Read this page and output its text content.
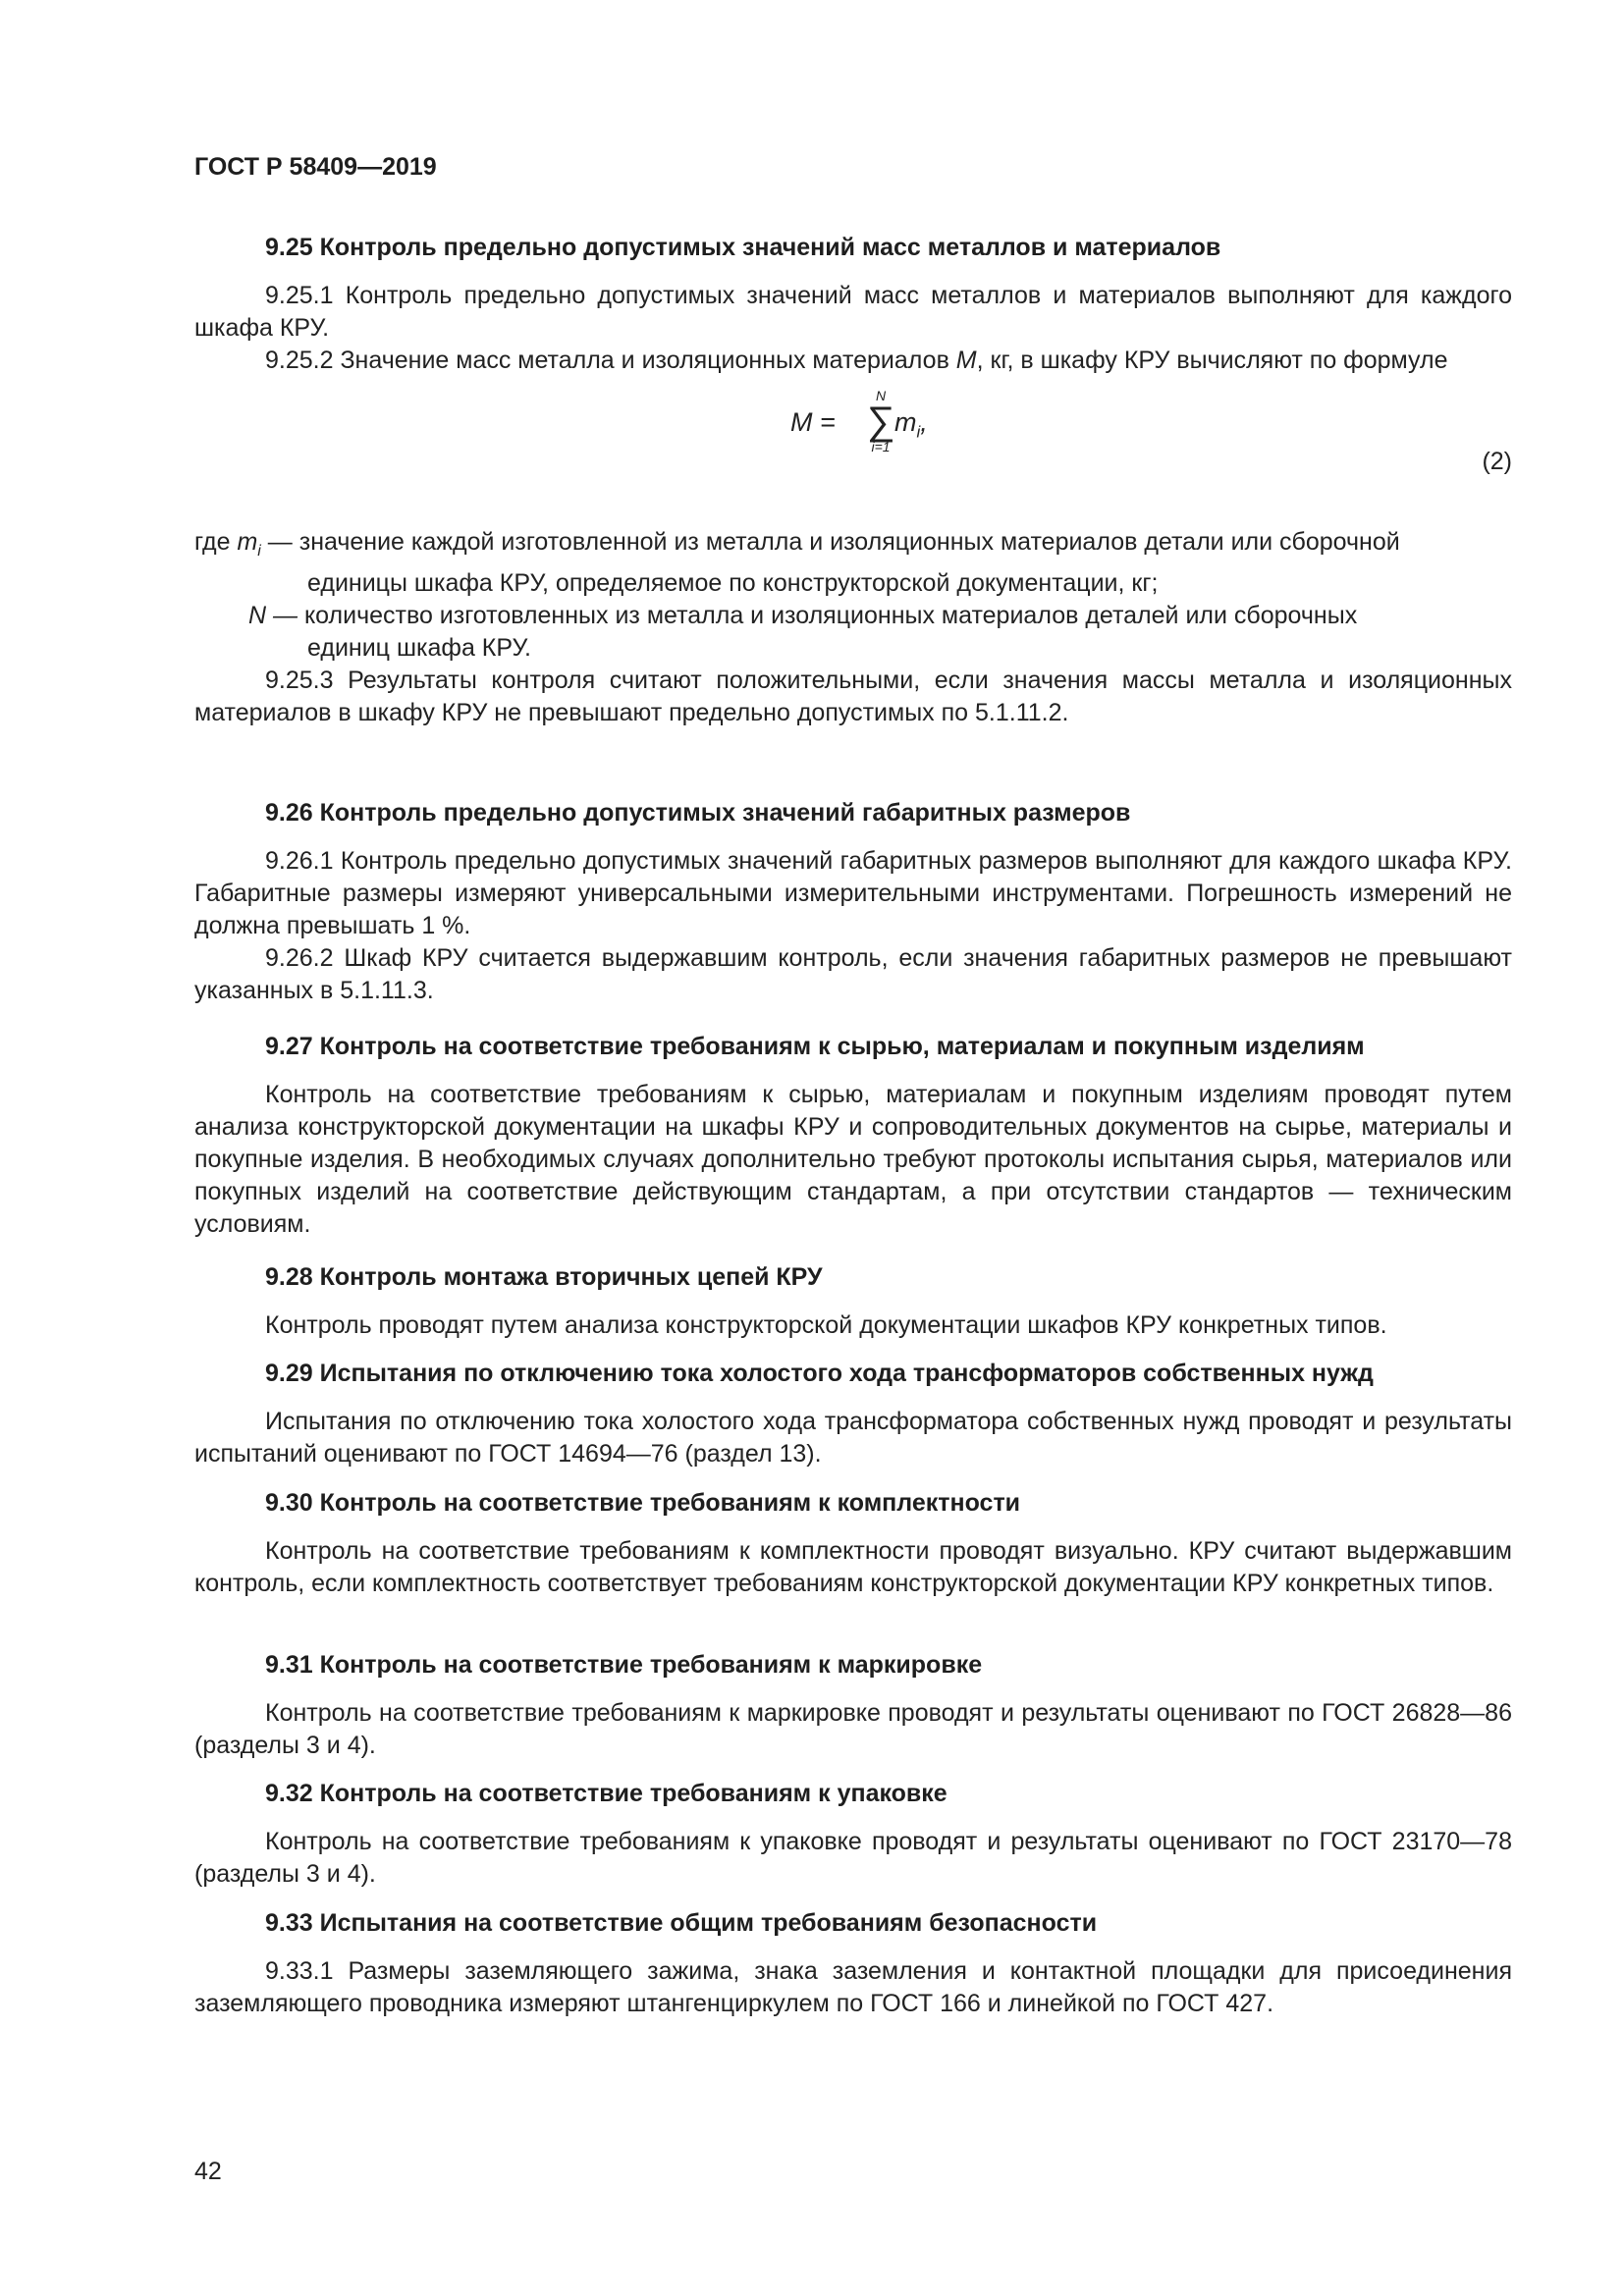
ГОСТ Р 58409—2019
9.25 Контроль предельно допустимых значений масс металлов и материалов

9.25.1 Контроль предельно допустимых значений масс металлов и материалов выполняют для каждого шкафа КРУ.

9.25.2 Значение масс металла и изоляционных материалов M, кг, в шкафу КРУ вычисляют по формуле

M =
N
∑
i=1
$m_i$,
(2)

где $m_i$ — значение каждой изготовленной из металла и изоляционных материалов детали или сборочной
единицы шкафа КРУ, определяемое по конструкторской документации, кг;

N — количество изготовленных из металла и изоляционных материалов деталей или сборочных
единиц шкафа КРУ.

9.25.3 Результаты контроля считают положительными, если значения массы металла и изоляционных материалов в шкафу КРУ не превышают предельно допустимых по 5.1.11.2.

9.26 Контроль предельно допустимых значений габаритных размеров

9.26.1 Контроль предельно допустимых значений габаритных размеров выполняют для каждого шкафа КРУ. Габаритные размеры измеряют универсальными измерительными инструментами. Погрешность измерений не должна превышать 1 %.

9.26.2 Шкаф КРУ считается выдержавшим контроль, если значения габаритных размеров не превышают указанных в 5.1.11.3.

9.27 Контроль на соответствие требованиям к сырью, материалам и покупным изделиям

Контроль на соответствие требованиям к сырью, материалам и покупным изделиям проводят путем анализа конструкторской документации на шкафы КРУ и сопроводительных документов на сырье, материалы и покупные изделия. В необходимых случаях дополнительно требуют протоколы испытания сырья, материалов или покупных изделий на соответствие действующим стандартам, а при отсутствии стандартов — техническим условиям.

9.28 Контроль монтажа вторичных цепей КРУ

Контроль проводят путем анализа конструкторской документации шкафов КРУ конкретных типов.

9.29 Испытания по отключению тока холостого хода трансформаторов собственных нужд

Испытания по отключению тока холостого хода трансформатора собственных нужд проводят и результаты испытаний оценивают по ГОСТ 14694—76 (раздел 13).

9.30 Контроль на соответствие требованиям к комплектности

Контроль на соответствие требованиям к комплектности проводят визуально. КРУ считают выдержавшим контроль, если комплектность соответствует требованиям конструкторской документации КРУ конкретных типов.

9.31 Контроль на соответствие требованиям к маркировке

Контроль на соответствие требованиям к маркировке проводят и результаты оценивают по ГОСТ 26828—86 (разделы 3 и 4).

9.32 Контроль на соответствие требованиям к упаковке

Контроль на соответствие требованиям к упаковке проводят и результаты оценивают по ГОСТ 23170—78 (разделы 3 и 4).

9.33 Испытания на соответствие общим требованиям безопасности

9.33.1 Размеры заземляющего зажима, знака заземления и контактной площадки для присоединения заземляющего проводника измеряют штангенциркулем по ГОСТ 166 и линейкой по ГОСТ 427.

42
